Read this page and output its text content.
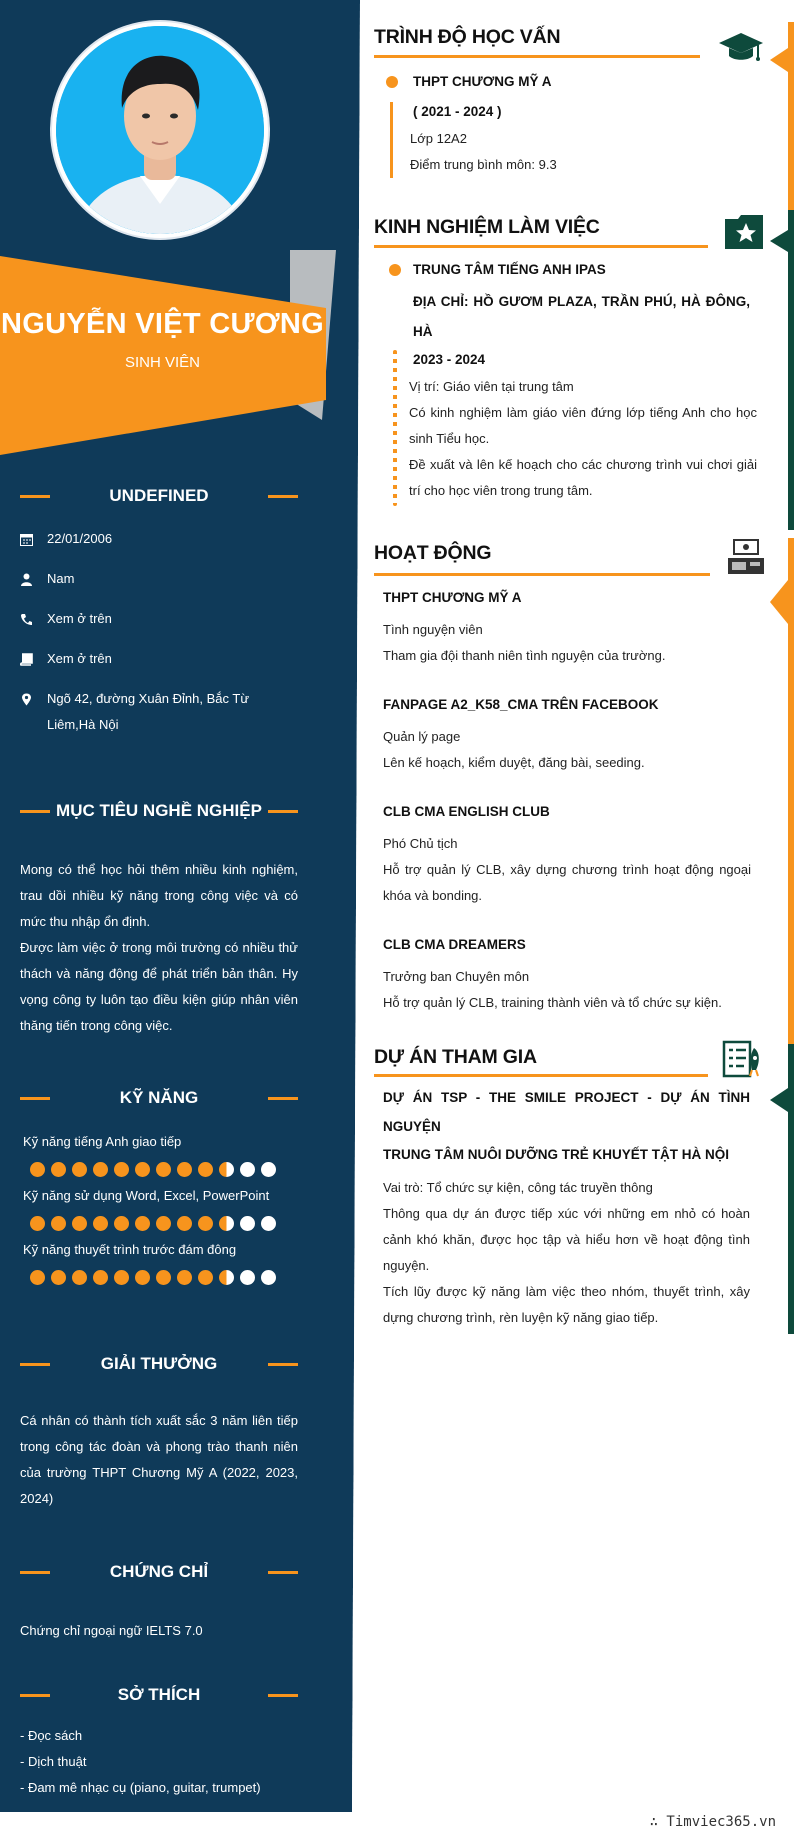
NGUYỄN VIỆT CƯƠNG
SINH VIÊN
UNDEFINED
22/01/2006
Nam
Xem ở trên
Xem ở trên
Ngõ 42, đường Xuân Đỉnh, Bắc Từ Liêm,Hà Nội
MỤC TIÊU NGHỀ NGHIỆP
Mong có thể học hỏi thêm nhiều kinh nghiệm, trau dồi nhiều kỹ năng trong công việc và có mức thu nhập ổn định.
Được làm việc ở trong môi trường có nhiều thử thách và năng động để phát triển bản thân. Hy vọng công ty luôn tạo điều kiện giúp nhân viên thăng tiến trong công việc.
KỸ NĂNG
Kỹ năng tiếng Anh giao tiếp
Kỹ năng sử dụng Word, Excel, PowerPoint
Kỹ năng thuyết trình trước đám đông
GIẢI THƯỞNG
Cá nhân có thành tích xuất sắc 3 năm liên tiếp trong công tác đoàn và phong trào thanh niên của trường THPT Chương Mỹ A (2022, 2023, 2024)
CHỨNG CHỈ
Chứng chỉ ngoại ngữ IELTS 7.0
SỞ THÍCH
- Đọc sách
- Dịch thuật
- Đam mê nhạc cụ (piano, guitar, trumpet)
TRÌNH ĐỘ HỌC VẤN
THPT CHƯƠNG MỸ A
( 2021 - 2024 )
Lớp 12A2
Điểm trung bình môn: 9.3
KINH NGHIỆM LÀM VIỆC
TRUNG TÂM TIẾNG ANH IPAS
ĐỊA CHỈ: HỒ GƯƠM PLAZA, TRẦN PHÚ, HÀ ĐÔNG, HÀ
2023 - 2024
Vị trí: Giáo viên tại trung tâm
Có kinh nghiệm làm giáo viên đứng lớp tiếng Anh cho học sinh Tiểu học.
Đề xuất và lên kế hoạch cho các chương trình vui chơi giải trí cho học viên trong trung tâm.
HOẠT ĐỘNG
THPT CHƯƠNG MỸ A
Tình nguyện viên
Tham gia đội thanh niên tình nguyện của trường.
FANPAGE A2_K58_CMA TRÊN FACEBOOK
Quản lý page
Lên kế hoạch, kiểm duyệt, đăng bài, seeding.
CLB CMA ENGLISH CLUB
Phó Chủ tịch
Hỗ trợ quản lý CLB, xây dựng chương trình hoạt động ngoại khóa và bonding.
CLB CMA DREAMERS
Trưởng ban Chuyên môn
Hỗ trợ quản lý CLB, training thành viên và tổ chức sự kiện.
DỰ ÁN THAM GIA
DỰ ÁN TSP - THE SMILE PROJECT - DỰ ÁN TÌNH NGUYỆN
TRUNG TÂM NUÔI DƯỠNG TRẺ KHUYẾT TẬT HÀ NỘI
Vai trò: Tổ chức sự kiện, công tác truyền thông
Thông qua dự án được tiếp xúc với những em nhỏ có hoàn cảnh khó khăn, được học tập và hiểu hơn về hoạt động tình nguyện.
Tích lũy được kỹ năng làm việc theo nhóm, thuyết trình, xây dựng chương trình, rèn luyện kỹ năng giao tiếp.
∴ Timviec365.vn
